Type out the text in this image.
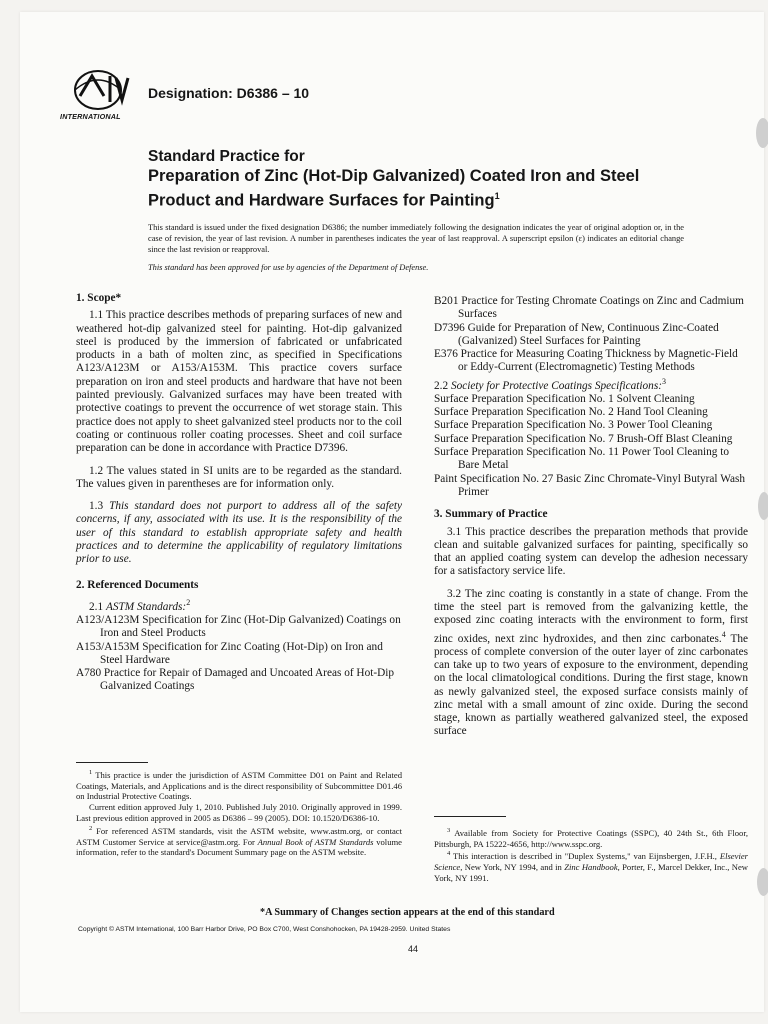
INTERNATIONAL
Designation: D6386 – 10

Standard Practice for

Preparation of Zinc (Hot-Dip Galvanized) Coated Iron and Steel Product and Hardware Surfaces for Painting$^1$

This standard is issued under the fixed designation D6386; the number immediately following the designation indicates the year of original adoption or, in the case of revision, the year of last revision. A number in parentheses indicates the year of last reapproval. A superscript epsilon (ε) indicates an editorial change since the last revision or reapproval.
This standard has been approved for use by agencies of the Department of Defense.

1. Scope*

1.1 This practice describes methods of preparing surfaces of new and weathered hot-dip galvanized steel for painting. Hot-dip galvanized steel is produced by the immersion of fabricated or unfabricated products in a bath of molten zinc, as specified in Specifications A123/A123M or A153/A153M. This practice covers surface preparation on iron and steel products and hardware that have not been painted previously. Galvanized surfaces may have been treated with protective coatings to prevent the occurrence of wet storage stain. This practice does not apply to sheet galvanized steel products nor to the coil coating or continuous roller coating processes. Sheet and coil surface preparation can be done in accordance with Practice D7396.

1.2 The values stated in SI units are to be regarded as the standard. The values given in parentheses are for information only.

1.3 This standard does not purport to address all of the safety concerns, if any, associated with its use. It is the responsibility of the user of this standard to establish appropriate safety and health practices and to determine the applicability of regulatory limitations prior to use.

2. Referenced Documents

2.1 ASTM Standards:$^2$

A123/A123M Specification for Zinc (Hot-Dip Galvanized) Coatings on Iron and Steel Products

A153/A153M Specification for Zinc Coating (Hot-Dip) on Iron and Steel Hardware

A780 Practice for Repair of Damaged and Uncoated Areas of Hot-Dip Galvanized Coatings

B201 Practice for Testing Chromate Coatings on Zinc and Cadmium Surfaces

D7396 Guide for Preparation of New, Continuous Zinc-Coated (Galvanized) Steel Surfaces for Painting

E376 Practice for Measuring Coating Thickness by Magnetic-Field or Eddy-Current (Electromagnetic) Testing Methods

2.2 Society for Protective Coatings Specifications:$^3$

Surface Preparation Specification No. 1 Solvent Cleaning

Surface Preparation Specification No. 2 Hand Tool Cleaning

Surface Preparation Specification No. 3 Power Tool Cleaning

Surface Preparation Specification No. 7 Brush-Off Blast Cleaning

Surface Preparation Specification No. 11 Power Tool Cleaning to Bare Metal

Paint Specification No. 27 Basic Zinc Chromate-Vinyl Butyral Wash Primer

3. Summary of Practice

3.1 This practice describes the preparation methods that provide clean and suitable galvanized surfaces for painting, specifically so that an applied coating system can develop the adhesion necessary for a satisfactory service life.

3.2 The zinc coating is constantly in a state of change. From the time the steel part is removed from the galvanizing kettle, the exposed zinc coating interacts with the environment to form, first zinc oxides, next zinc hydroxides, and then zinc carbonates.$^4$ The process of complete conversion of the outer layer of zinc carbonates can take up to two years of exposure to the environment, depending on the local climatological conditions. During the first stage, known as newly galvanized steel, the exposed surface consists mainly of zinc metal with a small amount of zinc oxide. During the second stage, known as partially weathered galvanized steel, the exposed surface

$^1$ This practice is under the jurisdiction of ASTM Committee D01 on Paint and Related Coatings, Materials, and Applications and is the direct responsibility of Subcommittee D01.46 on Industrial Protective Coatings.

Current edition approved July 1, 2010. Published July 2010. Originally approved in 1999. Last previous edition approved in 2005 as D6386 – 99 (2005). DOI: 10.1520/D6386-10.

$^2$ For referenced ASTM standards, visit the ASTM website, www.astm.org, or contact ASTM Customer Service at service@astm.org. For Annual Book of ASTM Standards volume information, refer to the standard's Document Summary page on the ASTM website.

$^3$ Available from Society for Protective Coatings (SSPC), 40 24th St., 6th Floor, Pittsburgh, PA 15222-4656, http://www.sspc.org.

$^4$ This interaction is described in "Duplex Systems," van Eijnsbergen, J.F.H., Elsevier Science, New York, NY 1994, and in Zinc Handbook, Porter, F., Marcel Dekker, Inc., New York, NY 1991.

*A Summary of Changes section appears at the end of this standard
Copyright © ASTM International, 100 Barr Harbor Drive, PO Box C700, West Conshohocken, PA 19428-2959. United States
44
